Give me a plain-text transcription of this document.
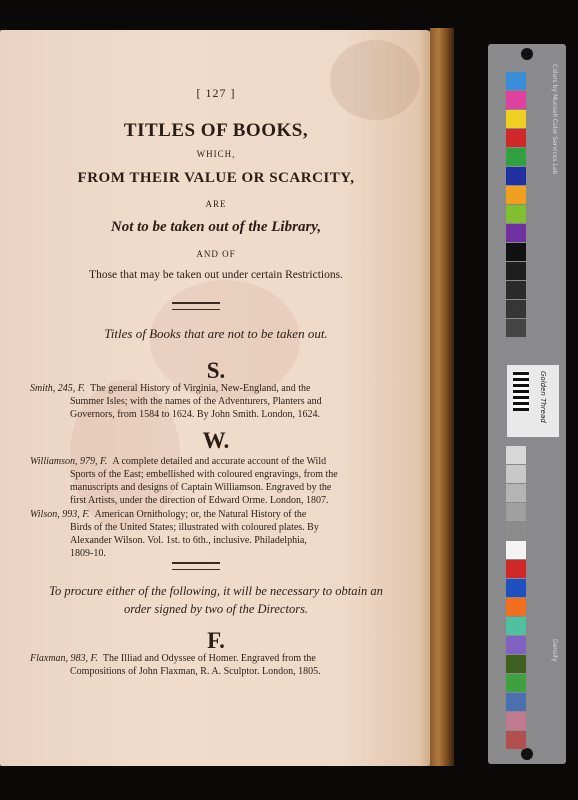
[ 127 ]
TITLES OF BOOKS,
WHICH,
FROM THEIR VALUE OR SCARCITY,
ARE
Not to be taken out of the Library,
AND OF
Those that may be taken out under certain Restrictions.
Titles of Books that are not to be taken out.
S.
Smith, 245, F. The general History of Virginia, New-England, and the
Summer Isles; with the names of the Adventurers, Planters and
Governors, from 1584 to 1624. By John Smith. London, 1624.
W.
Williamson, 979, F. A complete detailed and accurate account of the Wild
Sports of the East; embellished with coloured engravings, from the
manuscripts and designs of Captain Williamson. Engraved by the
first Artists, under the direction of Edward Orme. London, 1807.
Wilson, 993, F. American Ornithology; or, the Natural History of the
Birds of the United States; illustrated with coloured plates. By
Alexander Wilson. Vol. 1st. to 6th., inclusive. Philadelphia,
1809-10.
To procure either of the following, it will be necessary to obtain an
order signed by two of the Directors.
F.
Flaxman, 983, F. The Illiad and Odyssee of Homer. Engraved from the
Compositions of John Flaxman, R. A. Sculptor. London, 1805.
Colors by Munsell Color Services Lab
Density
Golden Thread
